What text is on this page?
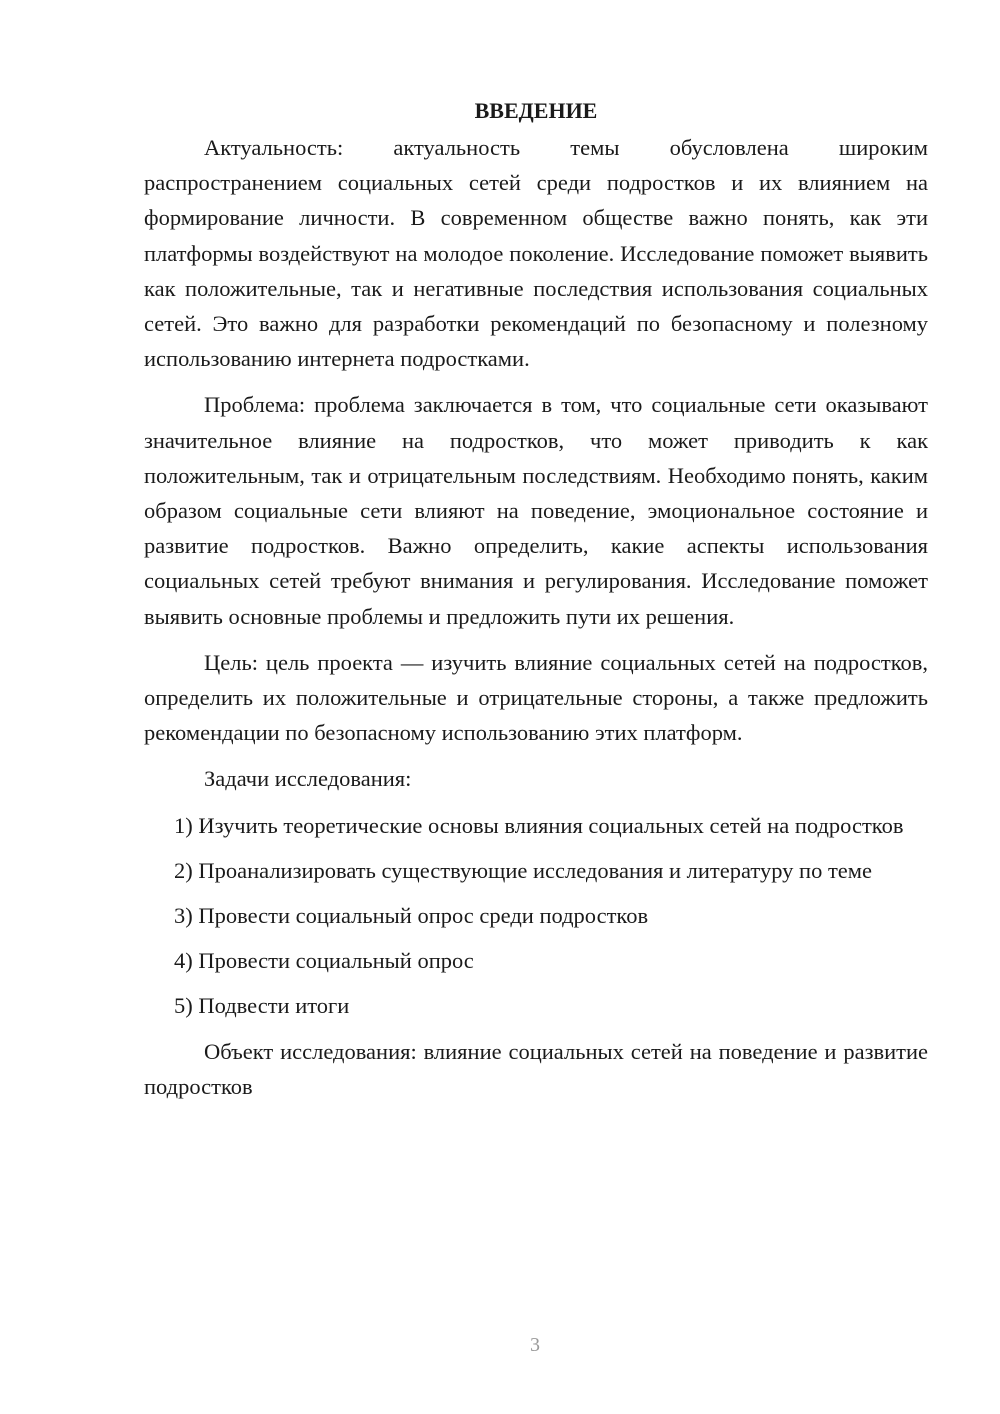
ВВЕДЕНИЕ

Актуальность: актуальность темы обусловлена широким распространением социальных сетей среди подростков и их влиянием на формирование личности. В современном обществе важно понять, как эти платформы воздействуют на молодое поколение. Исследование поможет выявить как положительные, так и негативные последствия использования социальных сетей. Это важно для разработки рекомендаций по безопасному и полезному использованию интернета подростками.

Проблема: проблема заключается в том, что социальные сети оказывают значительное влияние на подростков, что может приводить к как положительным, так и отрицательным последствиям. Необходимо понять, каким образом социальные сети влияют на поведение, эмоциональное состояние и развитие подростков. Важно определить, какие аспекты использования социальных сетей требуют внимания и регулирования. Исследование поможет выявить основные проблемы и предложить пути их решения.

Цель: цель проекта — изучить влияние социальных сетей на подростков, определить их положительные и отрицательные стороны, а также предложить рекомендации по безопасному использованию этих платформ.

Задачи исследования:

1) Изучить теоретические основы влияния социальных сетей на подростков

2) Проанализировать существующие исследования и литературу по теме

3) Провести социальный опрос среди подростков

4) Провести социальный опрос

5) Подвести итоги

Объект исследования: влияние социальных сетей на поведение и развитие подростков

3
